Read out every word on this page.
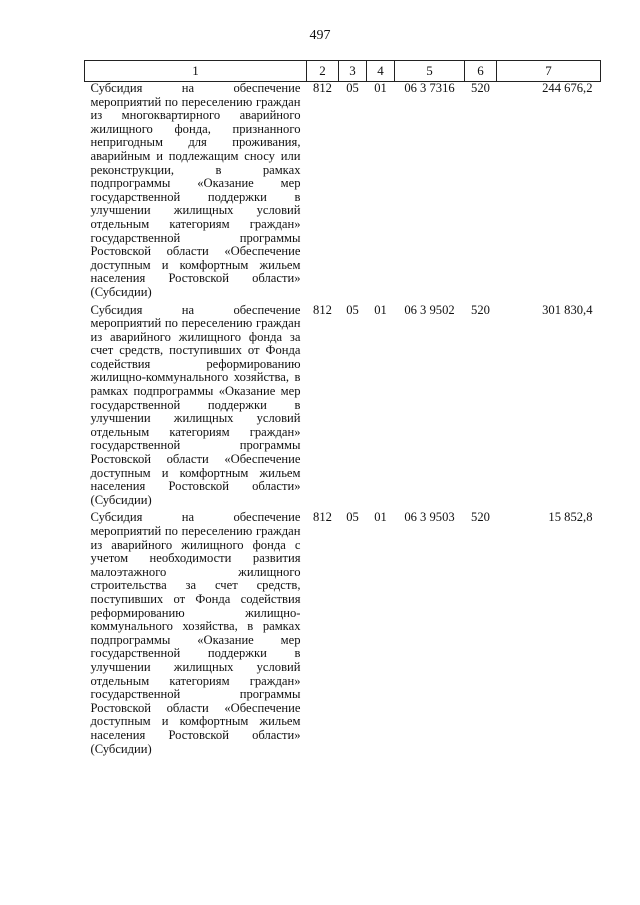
497
1	2	3	4	5	6	7
Субсидия на обеспечение мероприятий по переселению граждан из многоквартирного аварийного жилищного фонда, признанного непригодным для проживания, аварийным и подлежащим сносу или реконструкции, в рамках подпрограммы «Оказание мер государственной поддержки в улучшении жилищных условий отдельным категориям граждан» государственной программы Ростовской области «Обеспечение доступным и комфортным жильем населения Ростовской области» (Субсидии)	812	05	01	06 3 7316	520	244 676,2
Субсидия на обеспечение мероприятий по переселению граждан из аварийного жилищного фонда за счет средств, поступивших от Фонда содействия реформированию жилищно-коммунального хозяйства, в рамках подпрограммы «Оказание мер государственной поддержки в улучшении жилищных условий отдельным категориям граждан» государственной программы Ростовской области «Обеспечение доступным и комфортным жильем населения Ростовской области» (Субсидии)	812	05	01	06 3 9502	520	301 830,4
Субсидия на обеспечение мероприятий по переселению граждан из аварийного жилищного фонда с учетом необходимости развития малоэтажного жилищного строительства за счет средств, поступивших от Фонда содействия реформированию жилищно-коммунального хозяйства, в рамках подпрограммы «Оказание мер государственной поддержки в улучшении жилищных условий отдельным категориям граждан» государственной программы Ростовской области «Обеспечение доступным и комфортным жильем населения Ростовской области» (Субсидии)	812	05	01	06 3 9503	520	15 852,8
